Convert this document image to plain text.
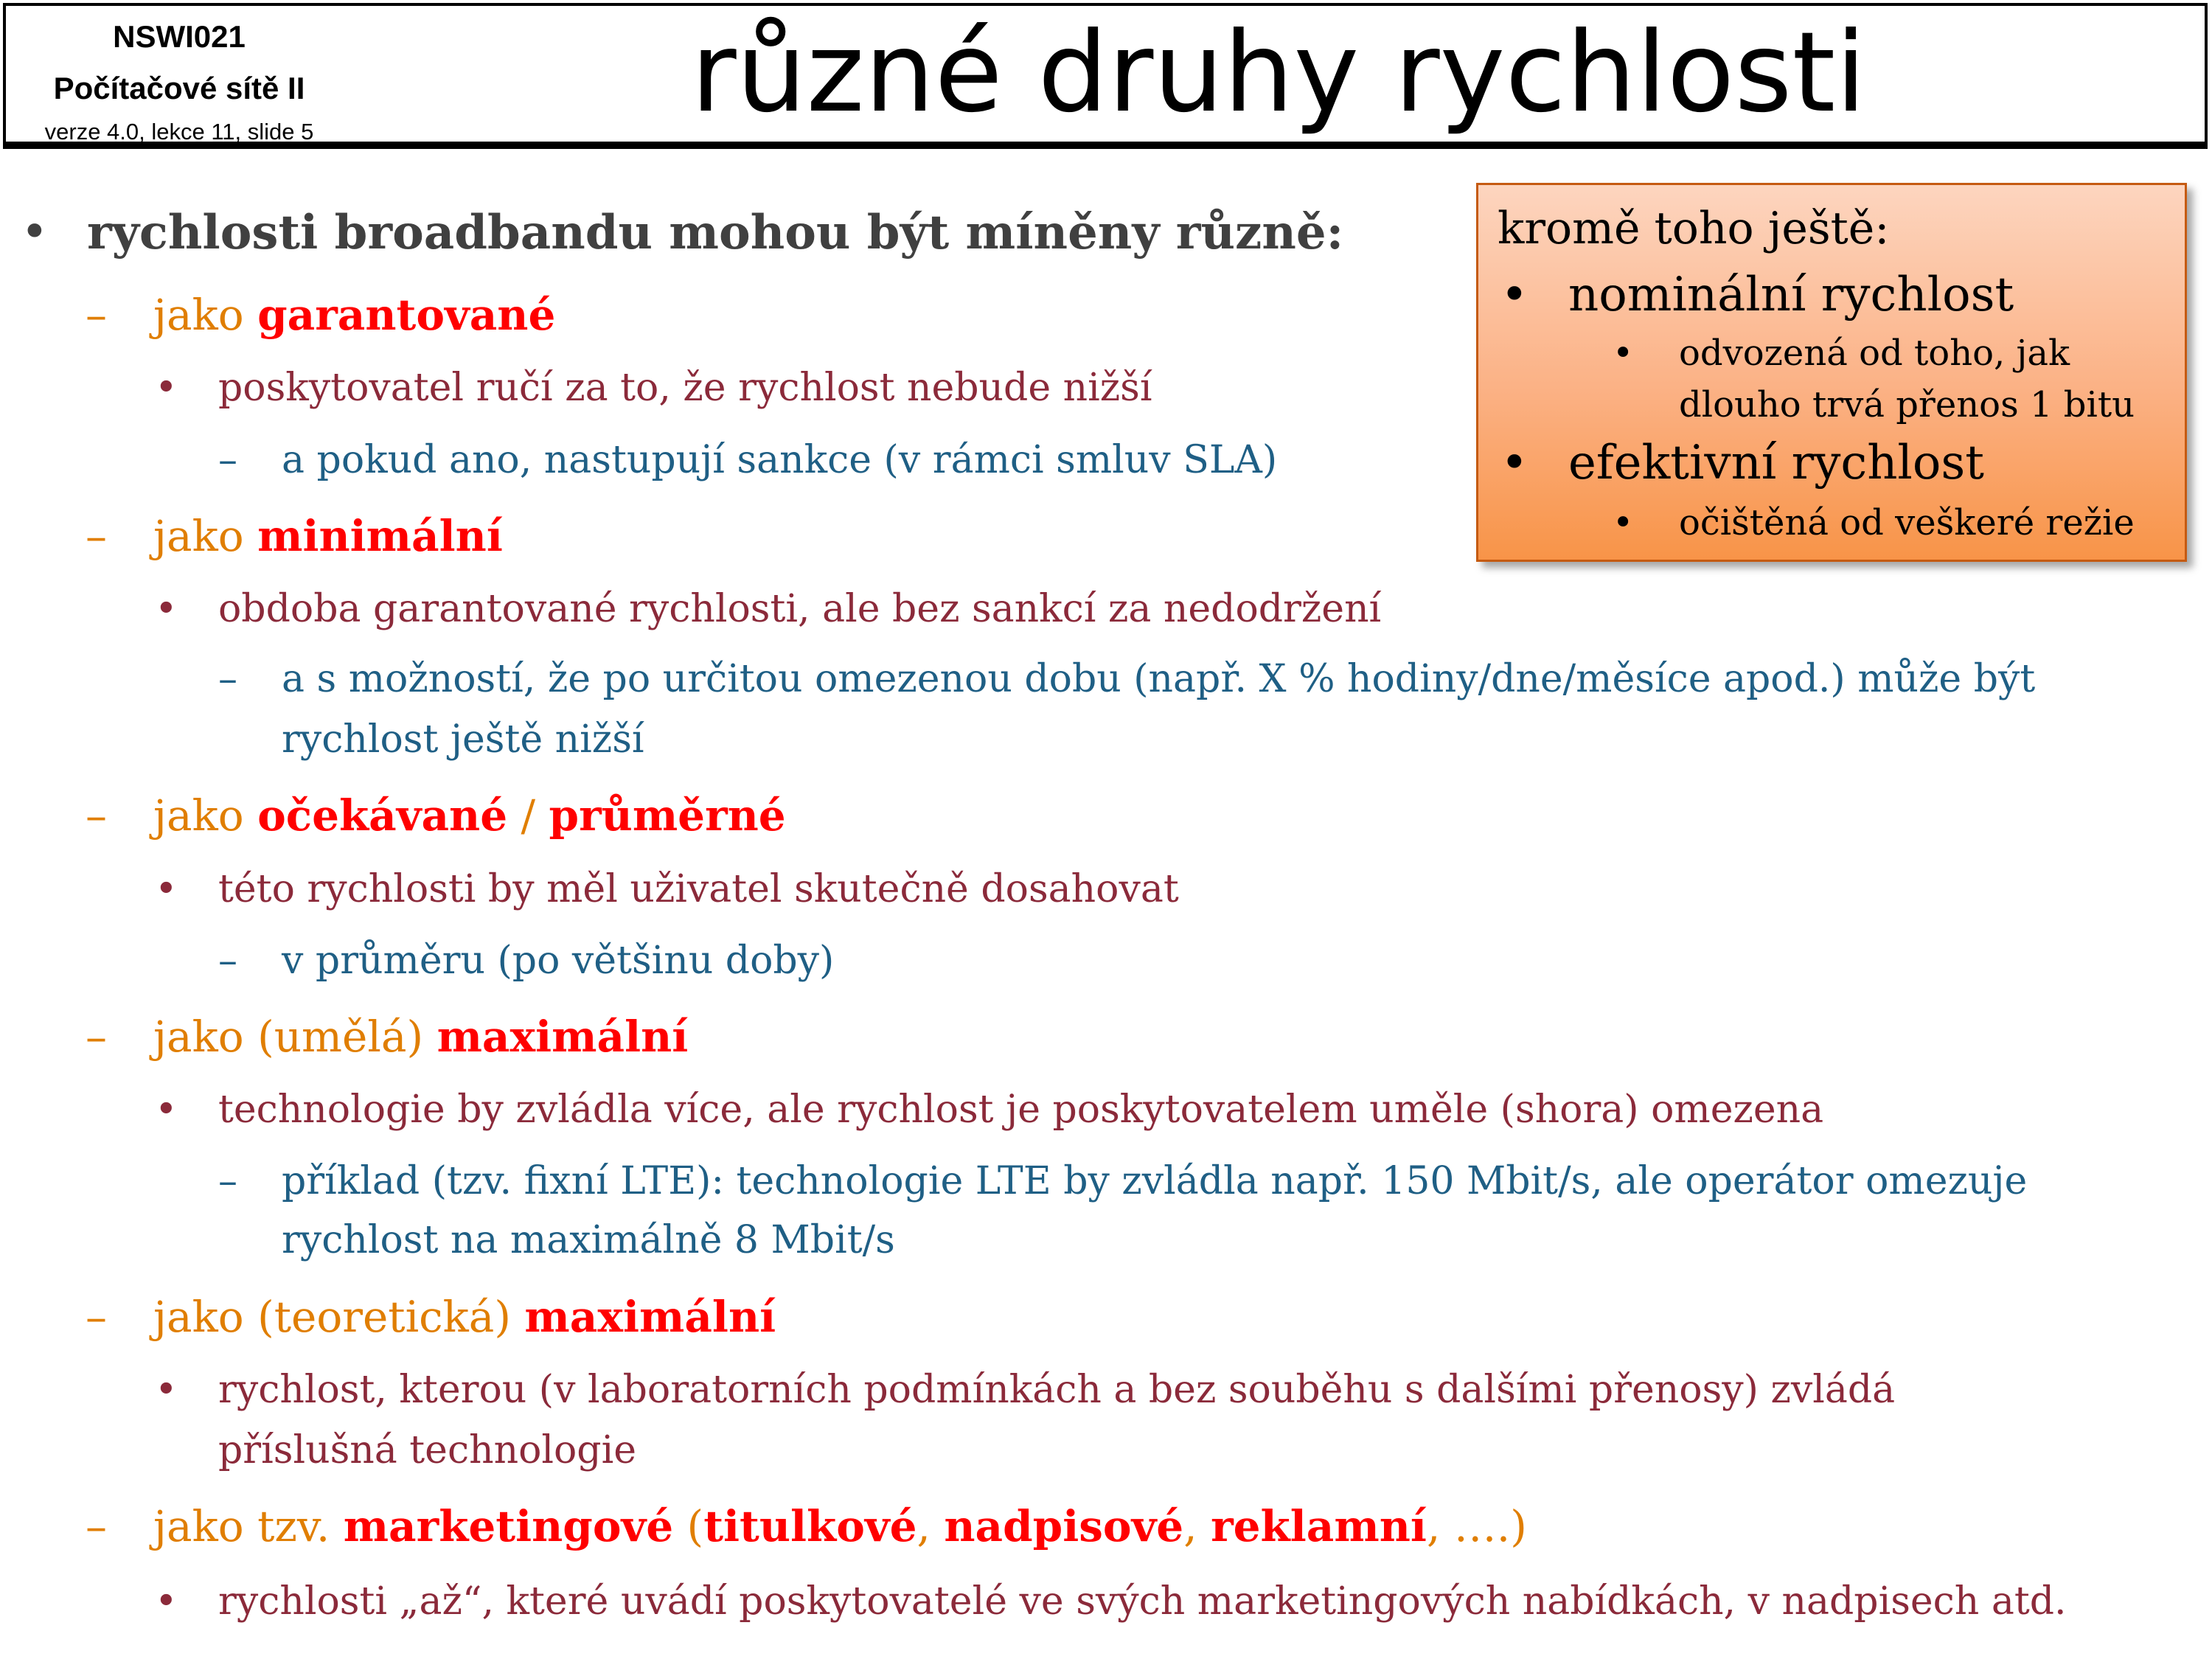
NSWI021
Počítačové sítě II
verze 4.0, lekce 11, slide 5	různé druhy rychlosti
• rychlosti broadbandu mohou být míněny různě:
– jako garantované
• poskytovatel ručí za to, že rychlost nebude nižší
– a pokud ano, nastupují sankce (v rámci smluv SLA)
– jako minimální
• obdoba garantované rychlosti, ale bez sankcí za nedodržení
– a s možností, že po určitou omezenou dobu (např. X % hodiny/dne/měsíce apod.) může být
rychlost ještě nižší
– jako očekávané / průměrné
• této rychlosti by měl uživatel skutečně dosahovat
– v průměru (po většinu doby)
– jako (umělá) maximální
• technologie by zvládla více, ale rychlost je poskytovatelem uměle (shora) omezena
– příklad (tzv. fixní LTE): technologie LTE by zvládla např. 150 Mbit/s, ale operátor omezuje
rychlost na maximálně 8 Mbit/s
– jako (teoretická) maximální
• rychlost, kterou (v laboratorních podmínkách a bez souběhu s dalšími přenosy) zvládá
příslušná technologie
– jako tzv. marketingové (titulkové, nadpisové, reklamní, ….)
• rychlosti „až“, které uvádí poskytovatelé ve svých marketingových nabídkách, v nadpisech atd.
kromě toho ještě:
• nominální rychlost
• odvozená od toho, jak
dlouho trvá přenos 1 bitu
• efektivní rychlost
• očištěná od veškeré režie
